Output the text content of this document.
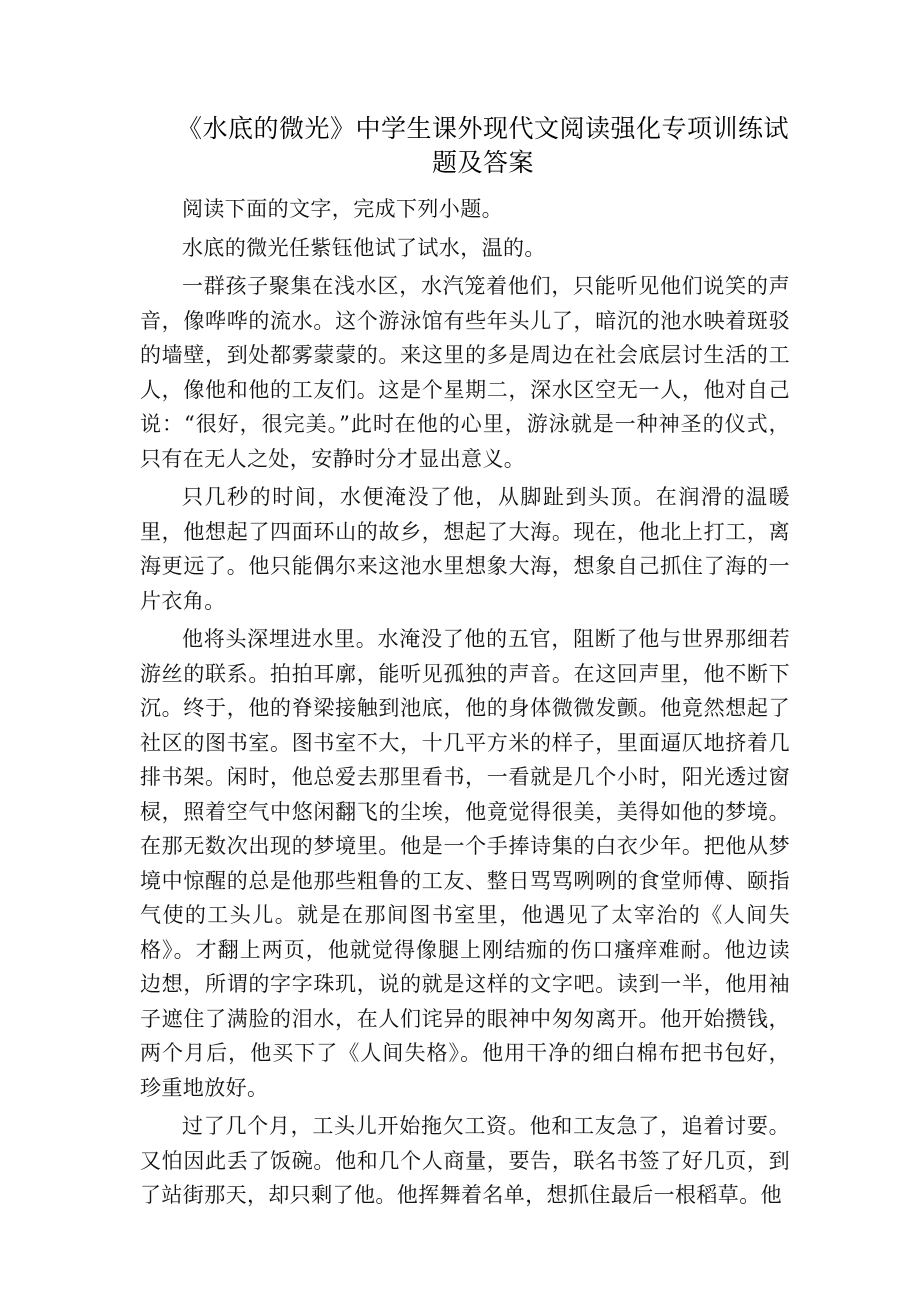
《水底的微光》中学生课外现代文阅读强化专项训练试题及答案

阅读下面的文字，完成下列小题。

水底的微光任紫钰他试了试水，温的。

一群孩子聚集在浅水区，水汽笼着他们，只能听见他们说笑的声音，像哗哗的流水。这个游泳馆有些年头儿了，暗沉的池水映着斑驳的墙壁，到处都雾蒙蒙的。来这里的多是周边在社会底层讨生活的工人，像他和他的工友们。这是个星期二，深水区空无一人，他对自己说：“很好，很完美。”此时在他的心里，游泳就是一种神圣的仪式，只有在无人之处，安静时分才显出意义。

只几秒的时间，水便淹没了他，从脚趾到头顶。在润滑的温暖里，他想起了四面环山的故乡，想起了大海。现在，他北上打工，离海更远了。他只能偶尔来这池水里想象大海，想象自己抓住了海的一片衣角。

他将头深埋进水里。水淹没了他的五官，阻断了他与世界那细若游丝的联系。拍拍耳廓，能听见孤独的声音。在这回声里，他不断下沉。终于，他的脊梁接触到池底，他的身体微微发颤。他竟然想起了社区的图书室。图书室不大，十几平方米的样子，里面逼仄地挤着几排书架。闲时，他总爱去那里看书，一看就是几个小时，阳光透过窗棂，照着空气中悠闲翻飞的尘埃，他竟觉得很美，美得如他的梦境。在那无数次出现的梦境里。他是一个手捧诗集的白衣少年。把他从梦境中惊醒的总是他那些粗鲁的工友、整日骂骂咧咧的食堂师傅、颐指气使的工头儿。就是在那间图书室里，他遇见了太宰治的《人间失格》。才翻上两页，他就觉得像腿上刚结痂的伤口瘙痒难耐。他边读边想，所谓的字字珠玑，说的就是这样的文字吧。读到一半，他用袖子遮住了满脸的泪水，在人们诧异的眼神中匆匆离开。他开始攒钱，两个月后，他买下了《人间失格》。他用干净的细白棉布把书包好，珍重地放好。

过了几个月，工头儿开始拖欠工资。他和工友急了，追着讨要。又怕因此丢了饭碗。他和几个人商量，要告，联名书签了好几页，到了站街那天，却只剩了他。他挥舞着名单，想抓住最后一根稻草。他
